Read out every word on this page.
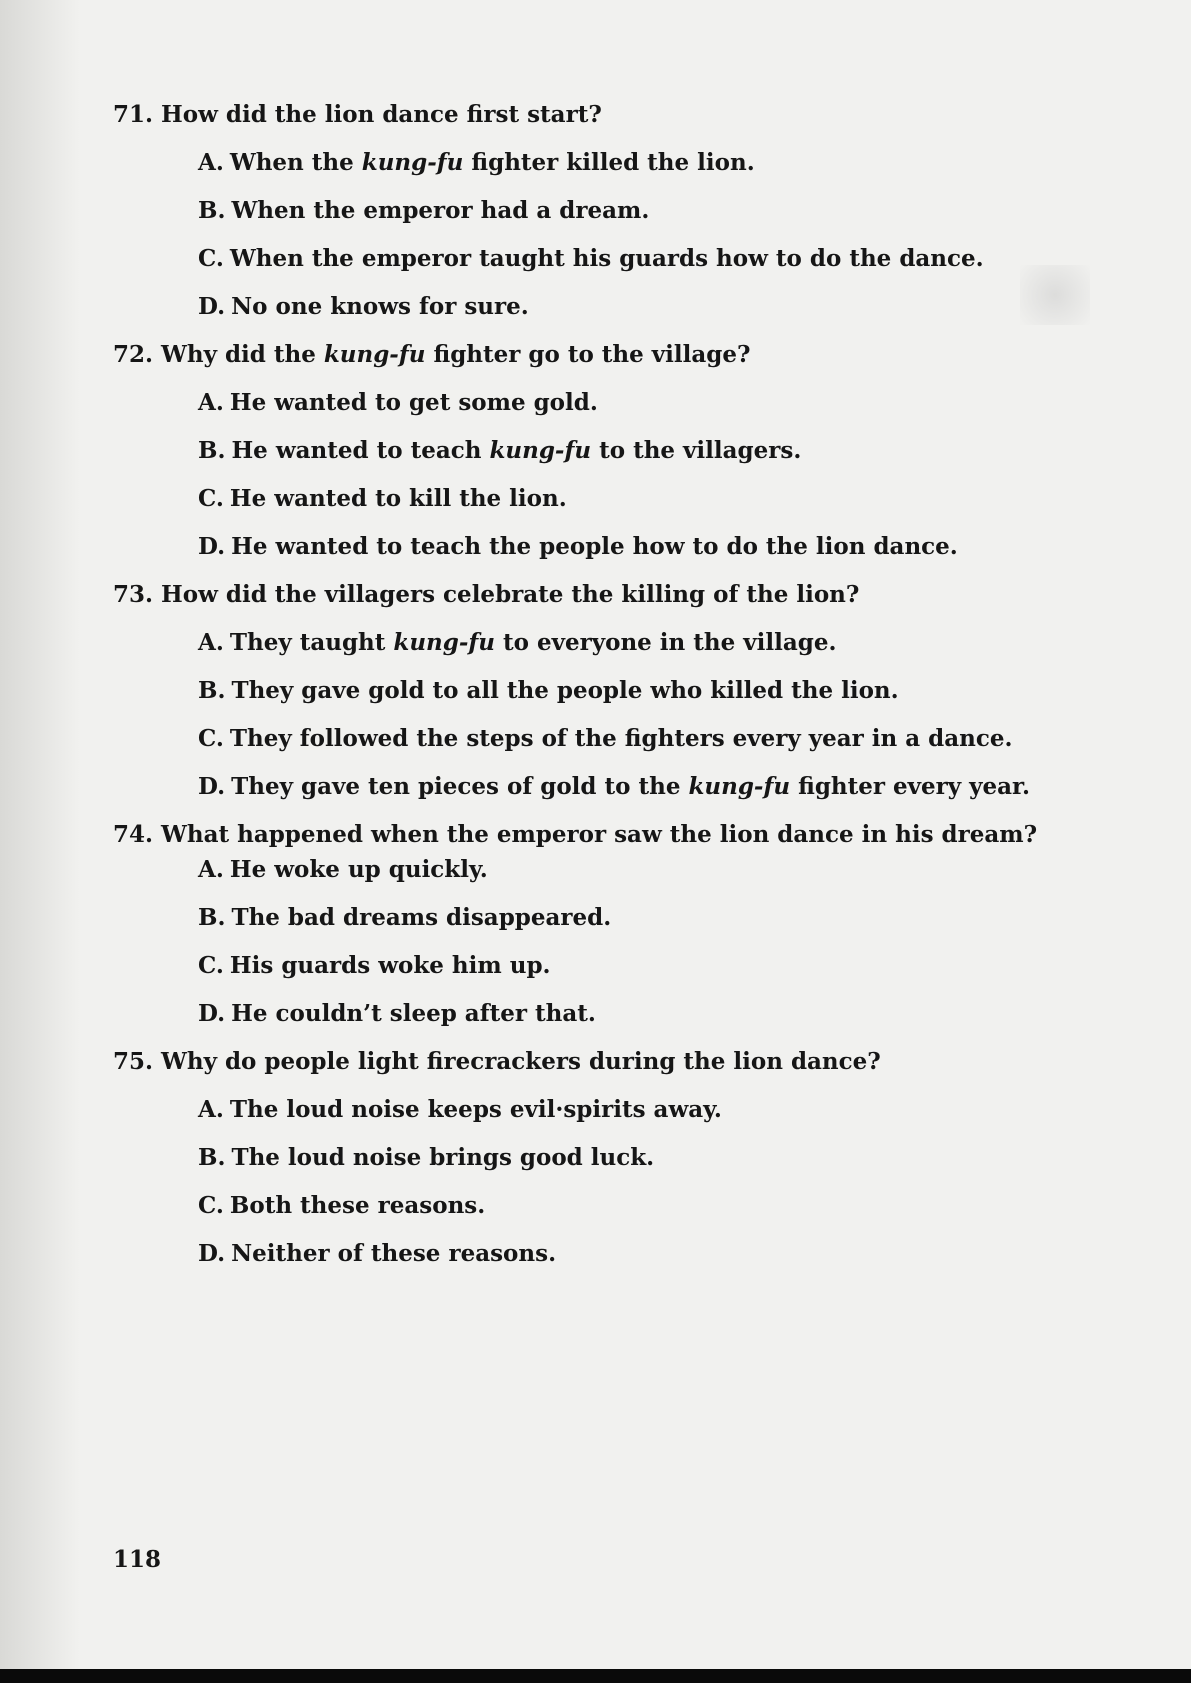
71. How did the lion dance first start?
A. When the kung-fu fighter killed the lion.
B. When the emperor had a dream.
C. When the emperor taught his guards how to do the dance.
D. No one knows for sure.
72. Why did the kung-fu fighter go to the village?
A. He wanted to get some gold.
B. He wanted to teach kung-fu to the villagers.
C. He wanted to kill the lion.
D. He wanted to teach the people how to do the lion dance.
73. How did the villagers celebrate the killing of the lion?
A. They taught kung-fu to everyone in the village.
B. They gave gold to all the people who killed the lion.
C. They followed the steps of the fighters every year in a dance.
D. They gave ten pieces of gold to the kung-fu fighter every year.
74. What happened when the emperor saw the lion dance in his dream?
A. He woke up quickly.
B. The bad dreams disappeared.
C. His guards woke him up.
D. He couldn’t sleep after that.
75. Why do people light firecrackers during the lion dance?
A. The loud noise keeps evil·spirits away.
B. The loud noise brings good luck.
C. Both these reasons.
D. Neither of these reasons.
118
